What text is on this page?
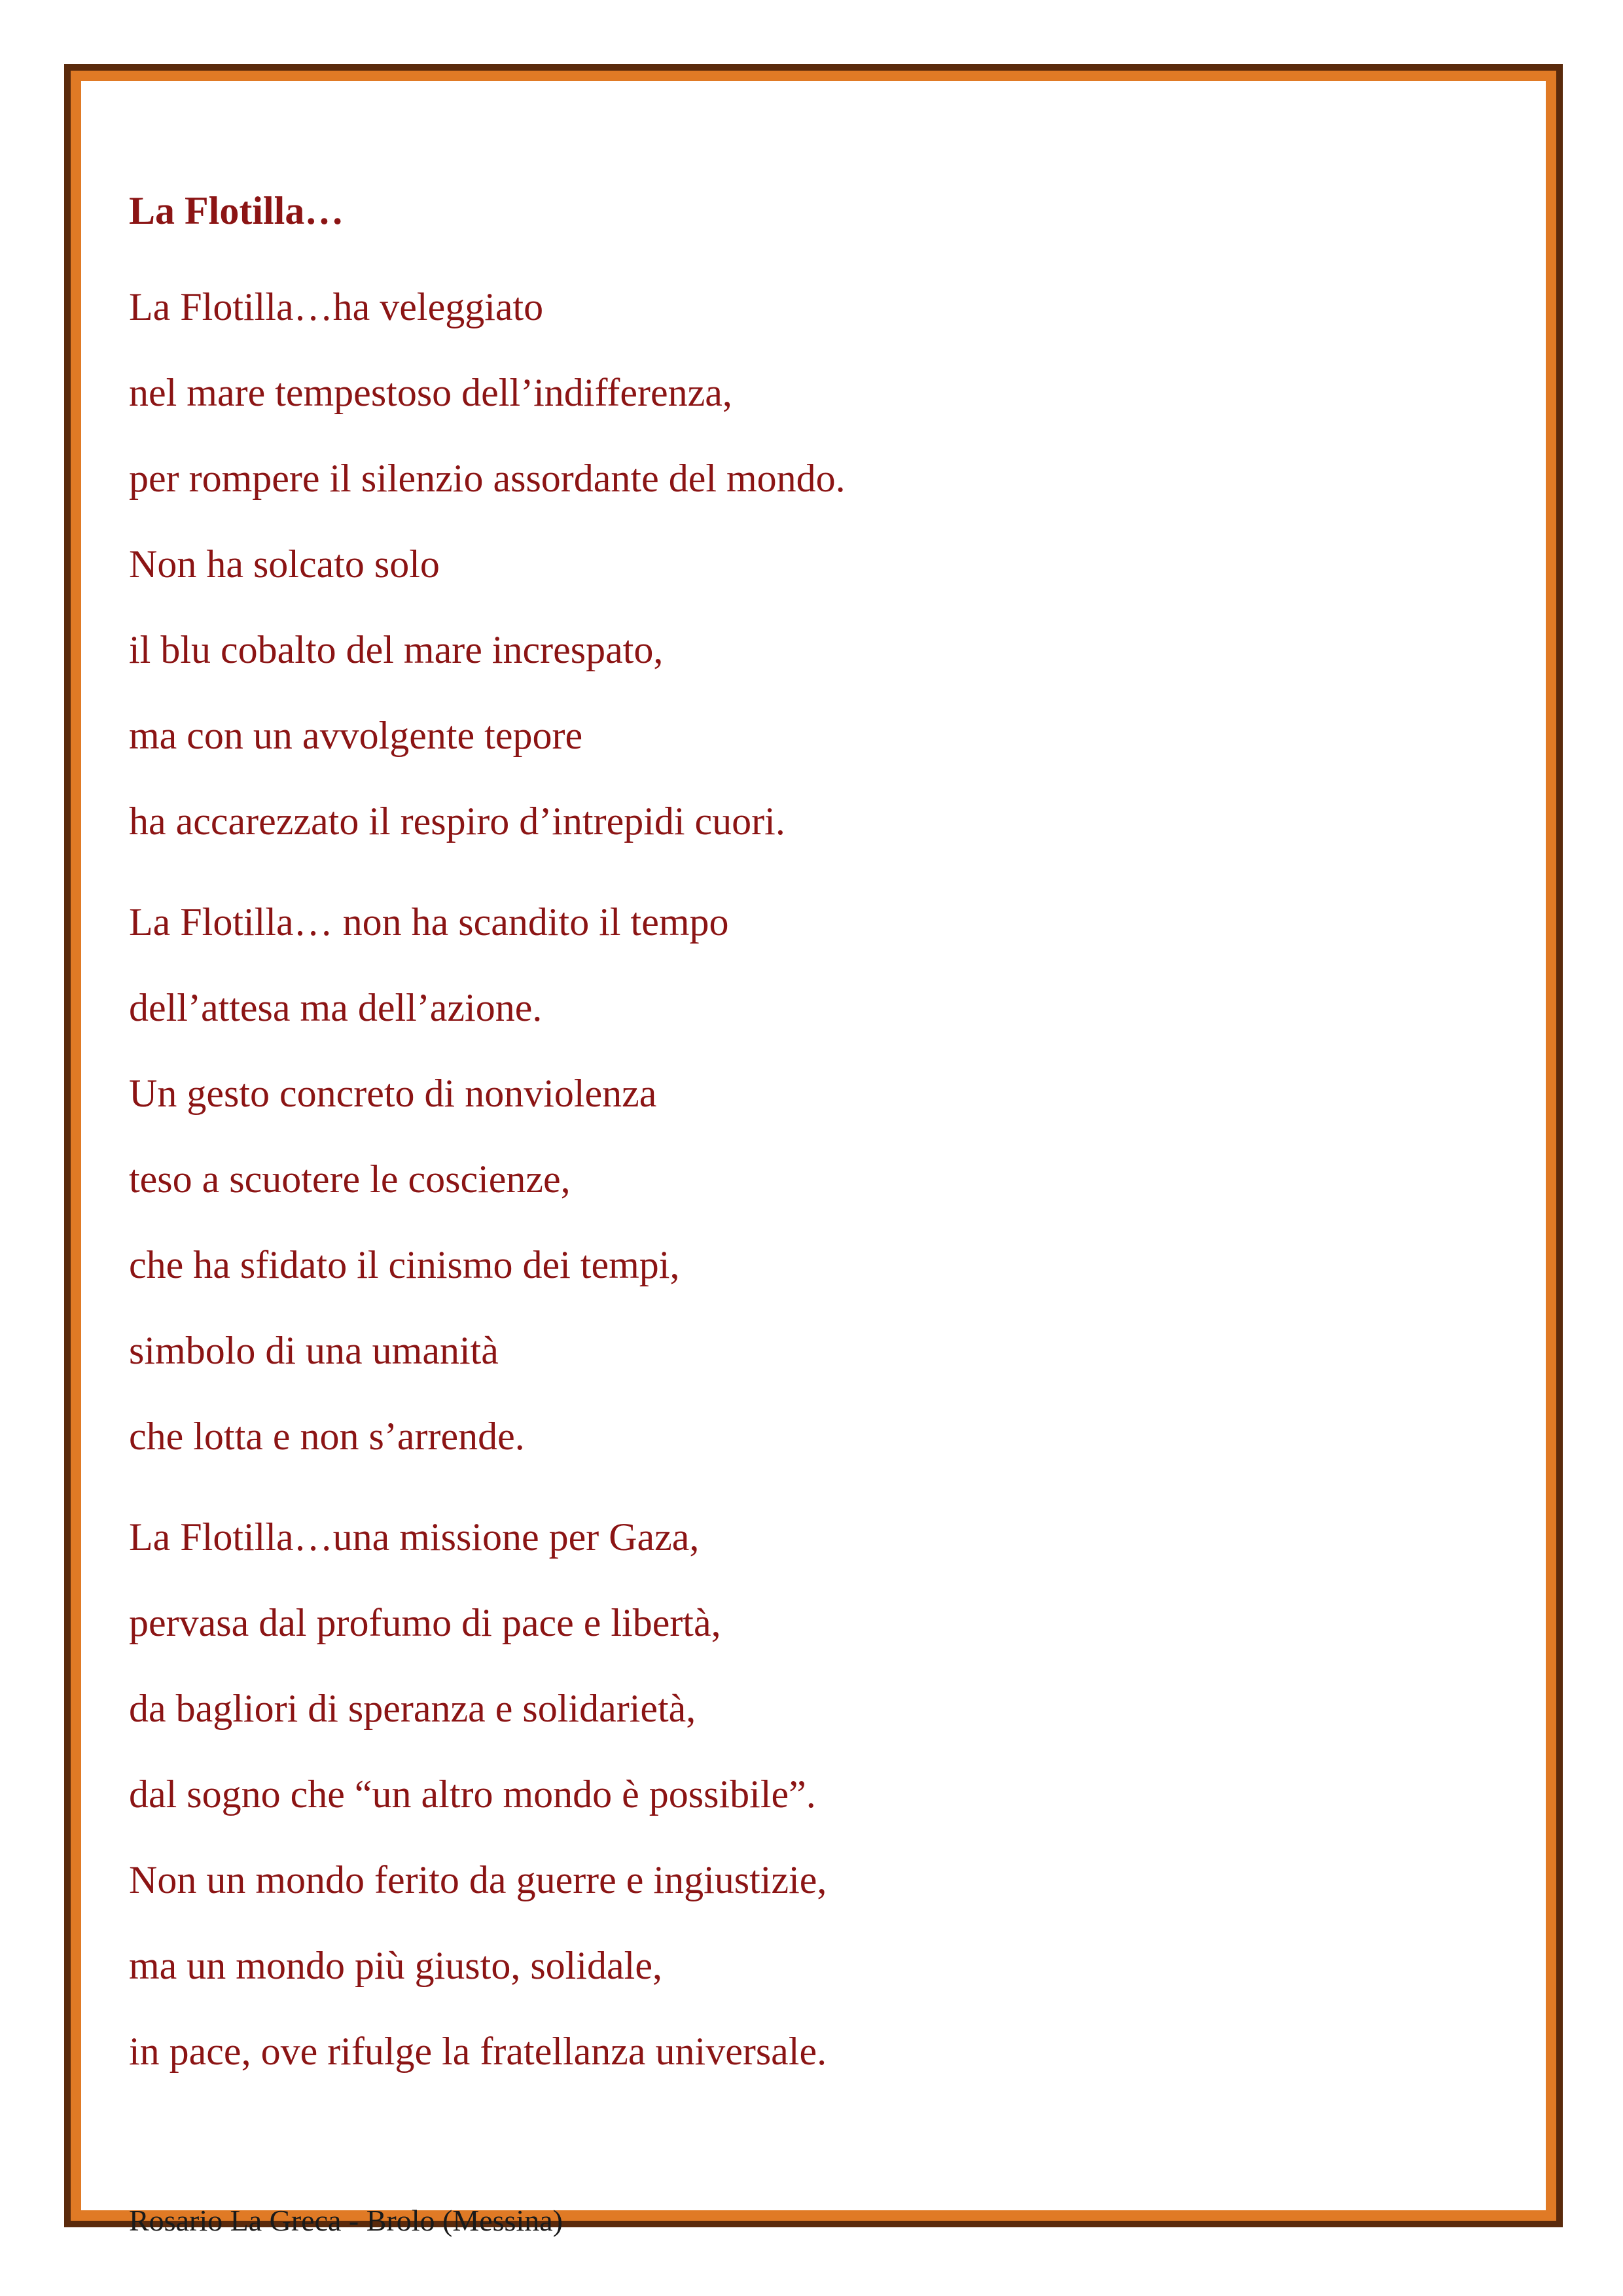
La Flotilla…
La Flotilla…ha veleggiato
nel mare tempestoso dell’indifferenza,
per rompere il silenzio assordante del mondo.
Non ha solcato solo
il blu cobalto del mare increspato,
ma con un avvolgente tepore
ha accarezzato il respiro d’intrepidi cuori.
La Flotilla… non ha scandito il tempo
dell’attesa ma dell’azione.
Un gesto concreto di nonviolenza
teso a scuotere le coscienze,
che ha sfidato il cinismo dei tempi,
simbolo di una umanità
che lotta e non s’arrende.
La Flotilla…una missione per Gaza,
pervasa dal profumo di pace e libertà,
da bagliori di speranza e solidarietà,
dal sogno che “un altro mondo è possibile”.
Non un mondo ferito da guerre e ingiustizie,
ma un mondo più giusto, solidale,
in pace, ove rifulge la fratellanza universale.
Rosario La Greca - Brolo (Messina)
